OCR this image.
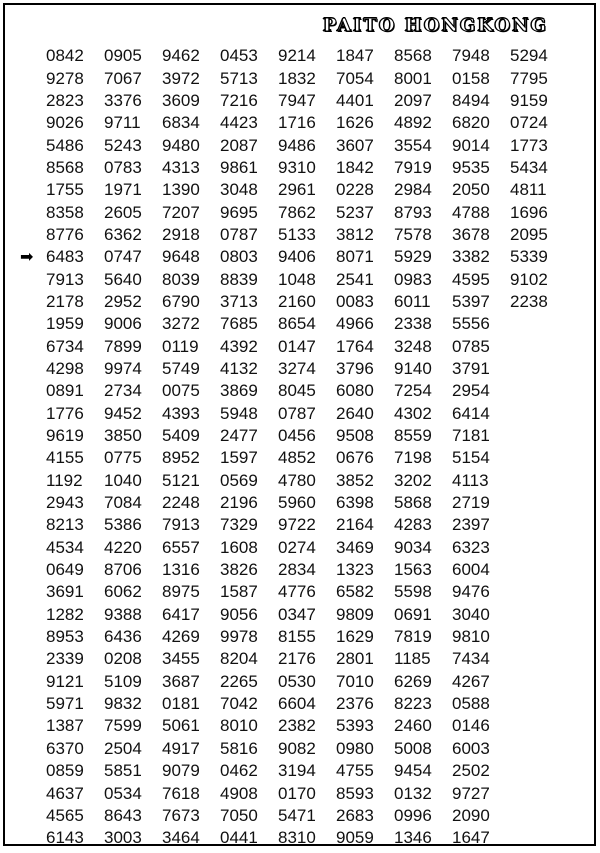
PAITO HONGKONG
0842	0905	9462	0453	9214	1847	8568	7948	5294
9278	7067	3972	5713	1832	7054	8001	0158	7795
2823	3376	3609	7216	7947	4401	2097	8494	9159
9026	9711	6834	4423	1716	1626	4892	6820	0724
5486	5243	9480	2087	9486	3607	3554	9014	1773
8568	0783	4313	9861	9310	1842	7919	9535	5434
1755	1971	1390	3048	2961	0228	2984	2050	4811
8358	2605	7207	9695	7862	5237	8793	4788	1696
8776	6362	2918	0787	5133	3812	7578	3678	2095
6483	0747	9648	0803	9406	8071	5929	3382	5339
7913	5640	8039	8839	1048	2541	0983	4595	9102
2178	2952	6790	3713	2160	0083	6011	5397	2238
1959	9006	3272	7685	8654	4966	2338	5556
6734	7899	0119	4392	0147	1764	3248	0785
4298	9974	5749	4132	3274	3796	9140	3791
0891	2734	0075	3869	8045	6080	7254	2954
1776	9452	4393	5948	0787	2640	4302	6414
9619	3850	5409	2477	0456	9508	8559	7181
4155	0775	8952	1597	4852	0676	7198	5154
1192	1040	5121	0569	4780	3852	3202	4113
2943	7084	2248	2196	5960	6398	5868	2719
8213	5386	7913	7329	9722	2164	4283	2397
4534	4220	6557	1608	0274	3469	9034	6323
0649	8706	1316	3826	2834	1323	1563	6004
3691	6062	8975	1587	4776	6582	5598	9476
1282	9388	6417	9056	0347	9809	0691	3040
8953	6436	4269	9978	8155	1629	7819	9810
2339	0208	3455	8204	2176	2801	1185	7434
9121	5109	3687	2265	0530	7010	6269	4267
5971	9832	0181	7042	6604	2376	8223	0588
1387	7599	5061	8010	2382	5393	2460	0146
6370	2504	4917	5816	9082	0980	5008	6003
0859	5851	9079	0462	3194	4755	9454	2502
4637	0534	7618	4908	0170	8593	0132	9727
4565	8643	7673	7050	5471	2683	0996	2090
6143	3003	3464	0441	8310	9059	1346	1647
➡
